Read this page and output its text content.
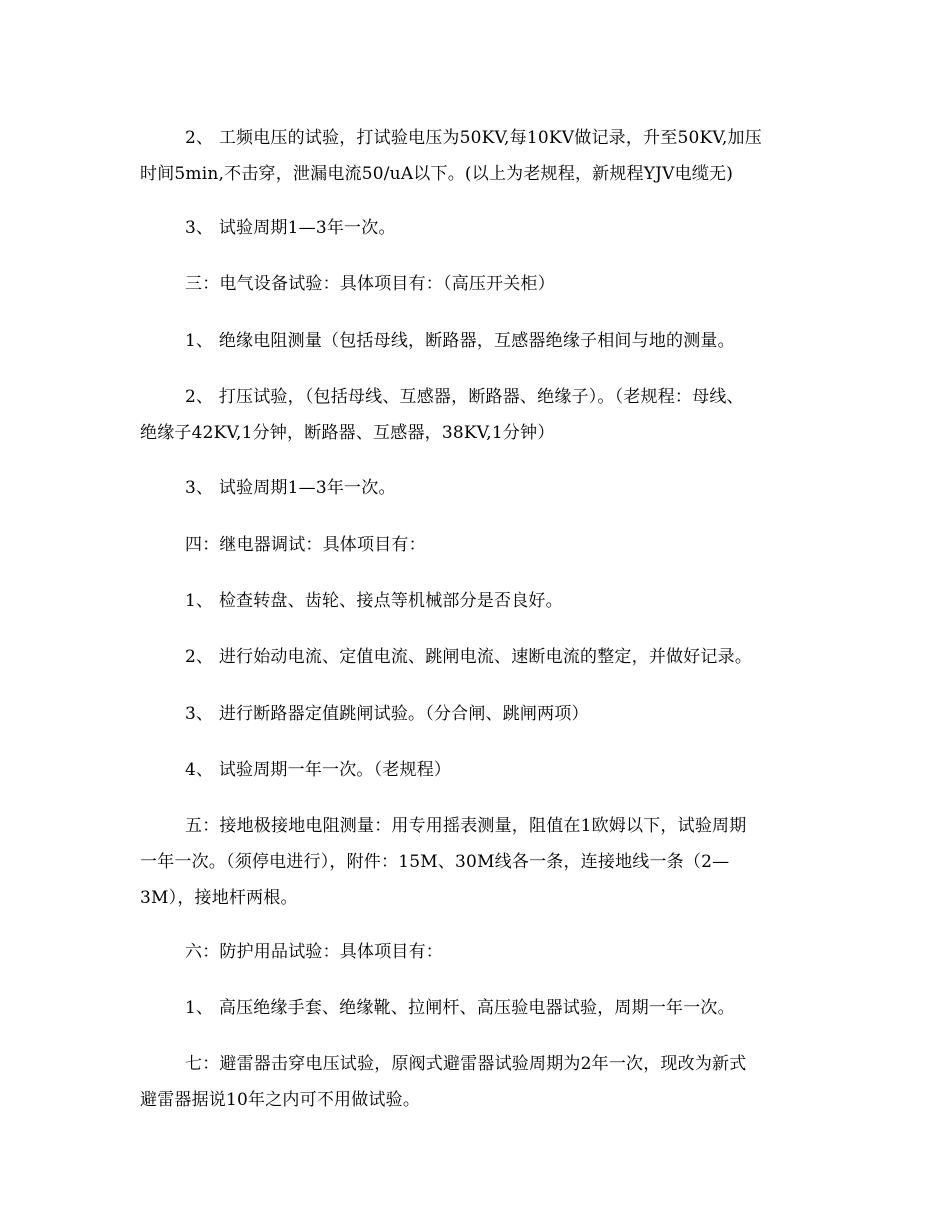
2、 工频电压的试验，打试验电压为50KV,每10KV做记录，升至50KV,加压
时间5min,不击穿，泄漏电流50/uA以下。(以上为老规程，新规程YJV电缆无)

3、 试验周期1—3年一次。

三：电气设备试验：具体项目有：（高压开关柜）

1、 绝缘电阻测量（包括母线，断路器，互感器绝缘子相间与地的测量。

2、 打压试验，（包括母线、互感器，断路器、绝缘子）。（老规程：母线、
绝缘子42KV,1分钟，断路器、互感器，38KV,1分钟）

3、 试验周期1—3年一次。

四：继电器调试：具体项目有：

1、 检查转盘、齿轮、接点等机械部分是否良好。

2、 进行始动电流、定值电流、跳闸电流、速断电流的整定，并做好记录。

3、 进行断路器定值跳闸试验。（分合闸、跳闸两项）

4、 试验周期一年一次。（老规程）

五：接地极接地电阻测量：用专用摇表测量，阻值在1欧姆以下，试验周期
一年一次。（须停电进行），附件：15M、30M线各一条，连接地线一条（2—
3M），接地杆两根。

六：防护用品试验：具体项目有：

1、 高压绝缘手套、绝缘靴、拉闸杆、高压验电器试验，周期一年一次。

七：避雷器击穿电压试验，原阀式避雷器试验周期为2年一次，现改为新式
避雷器据说10年之内可不用做试验。
